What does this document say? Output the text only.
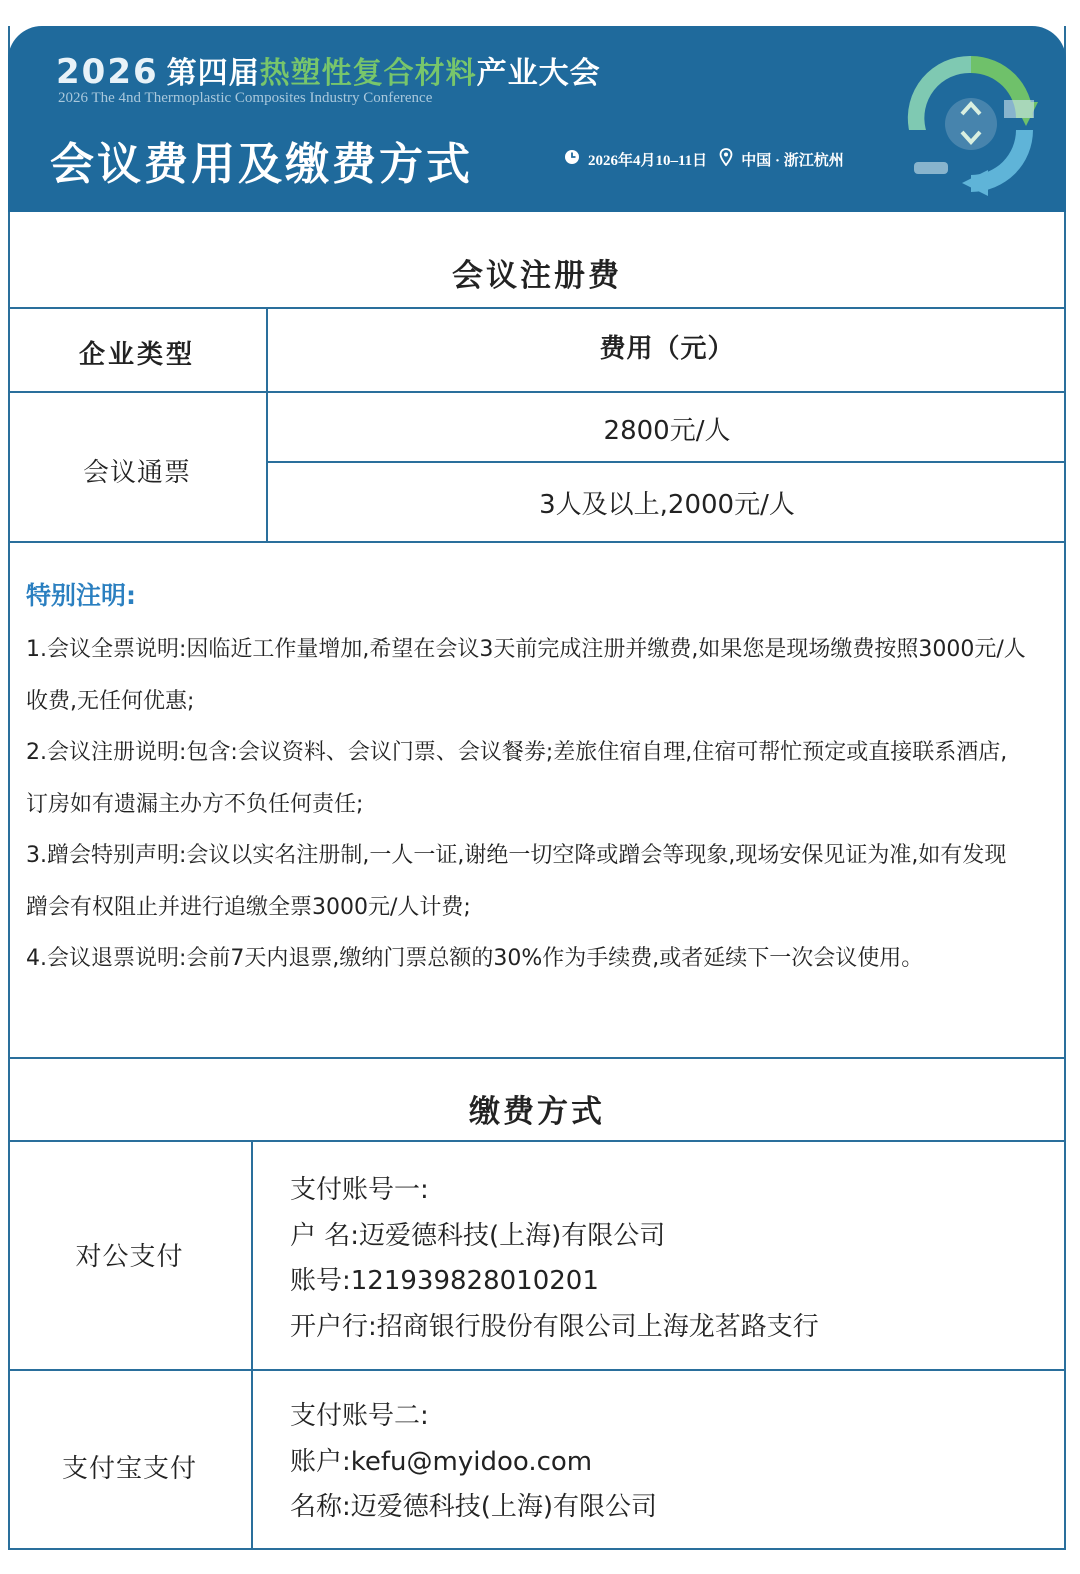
2026 第四届热塑性复合材料产业大会
2026 The 4nd Thermoplastic Composites Industry Conference
会议费用及缴费方式	2026年4月10–11日 中国 · 浙江杭州
会议注册费
企业类型	费用（元）
会议通票
2800元/人
3人及以上,2000元/人
特别注明:

1.会议全票说明:因临近工作量增加,希望在会议3天前完成注册并缴费,如果您是现场缴费按照3000元/人收费,无任何优惠;

2.会议注册说明:包含:会议资料、会议门票、会议餐劵;差旅住宿自理,住宿可帮忙预定或直接联系酒店,订房如有遗漏主办方不负任何责任;

3.蹭会特别声明:会议以实名注册制,一人一证,谢绝一切空降或蹭会等现象,现场安保见证为准,如有发现蹭会有权阻止并进行追缴全票3000元/人计费;

4.会议退票说明:会前7天内退票,缴纳门票总额的30%作为手续费,或者延续下一次会议使用。

缴费方式
对公支付
支付账号一:
户 名:迈爱德科技(上海)有限公司
账号:121939828010201
开户行:招商银行股份有限公司上海龙茗路支行
支付宝支付
支付账号二:
账户:kefu@myidoo.com
名称:迈爱德科技(上海)有限公司
